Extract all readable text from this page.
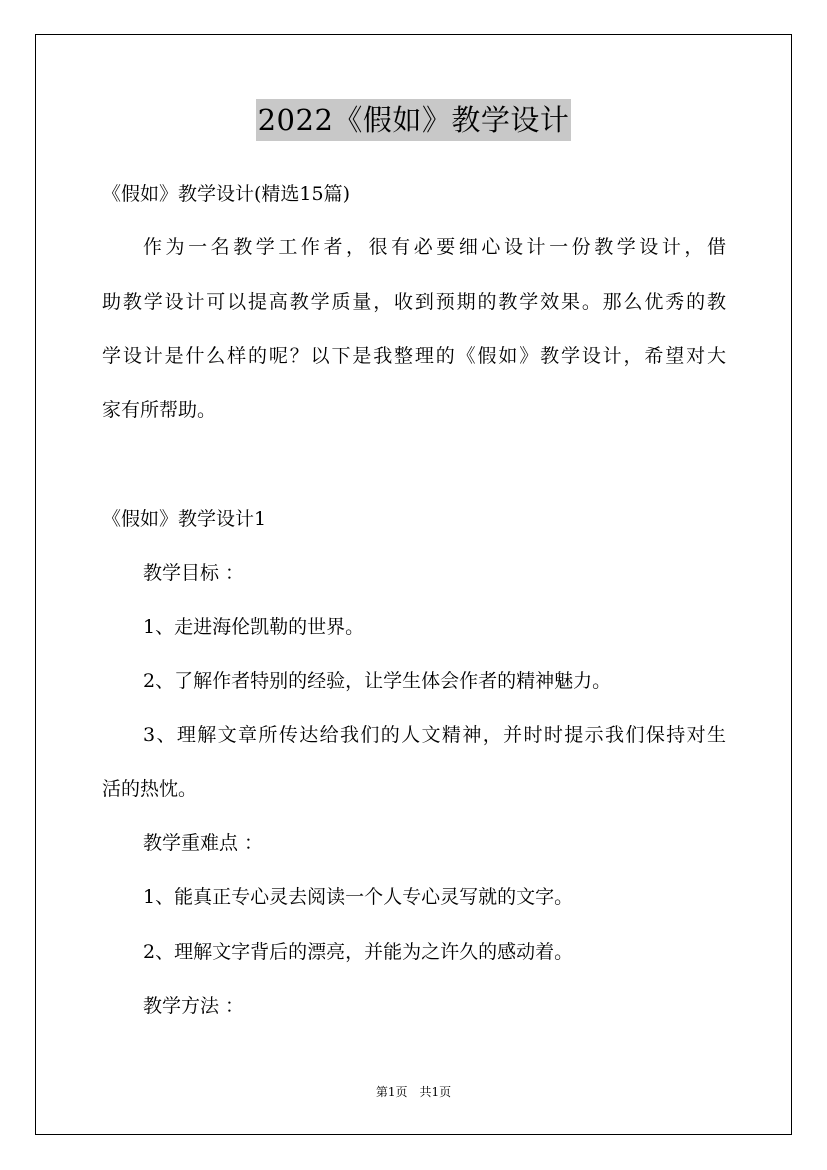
2022《假如》教学设计
《假如》教学设计(精选15篇)
作为一名教学工作者，很有必要细心设计一份教学设计，借
助教学设计可以提高教学质量，收到预期的教学效果。那么优秀的教
学设计是什么样的呢？以下是我整理的《假如》教学设计，希望对大
家有所帮助。
《假如》教学设计1
教学目标 ：
1、走进海伦凯勒的世界。
2、了解作者特别的经验，让学生体会作者的精神魅力。
3、理解文章所传达给我们的人文精神，并时时提示我们保持对生
活的热忱。
教学重难点 ：
1、能真正专心灵去阅读一个人专心灵写就的文字。
2、理解文字背后的漂亮，并能为之许久的感动着。
教学方法 ：
第1页　共1页
